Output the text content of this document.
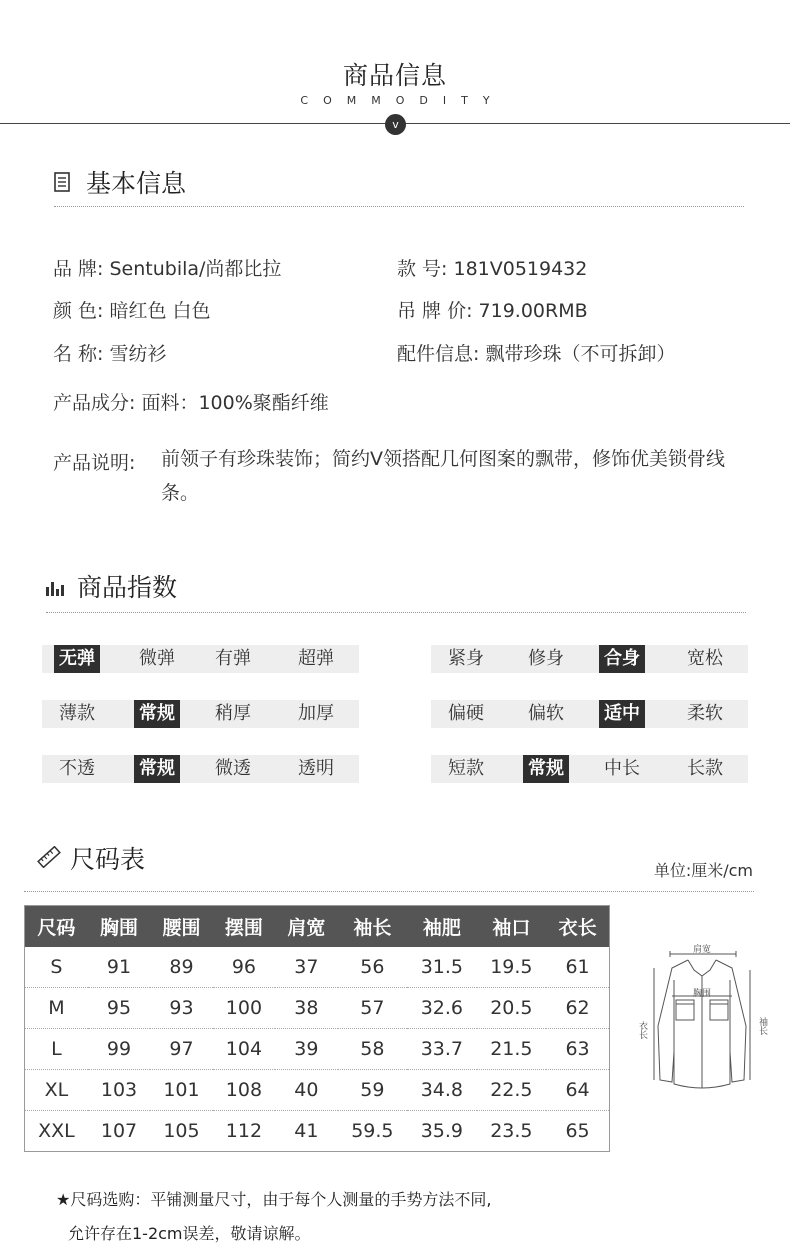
商品信息
COMMODITY
v
基本信息
品 牌: Sentubila/尚都比拉	款 号: 181V0519432
颜 色: 暗红色 白色	吊 牌 价: 719.00RMB
名 称: 雪纺衫	配件信息: 飘带珍珠（不可拆卸）
产品成分: 面料：100%聚酯纤维
产品说明: 前领子有珍珠装饰；简约V领搭配几何图案的飘带，修饰优美锁骨线条。
商品指数
无弹 微弹 有弹	超弹	紧身 修身 合身	宽松
薄款 常规 稍厚	加厚	偏硬 偏软 适中	柔软
不透 常规 微透	透明	短款 常规 中长	长款
尺码表	单位:厘米/cm
尺码	胸围	腰围	摆围	肩宽	袖长	袖肥	袖口	衣长
S	91	89	96	37	56	31.5	19.5	61
M	95	93	100	38	57	32.6	20.5	62
L	99	97	104	39	58	33.7	21.5	63
XL	103	101	108	40	59	34.8	22.5	64
XXL	107	105	112	41	59.5	35.9	23.5	65
肩宽
胸围
衣长	袖长
★尺码选购：平铺测量尺寸，由于每个人测量的手势方法不同,
允许存在1-2cm误差，敬请谅解。
